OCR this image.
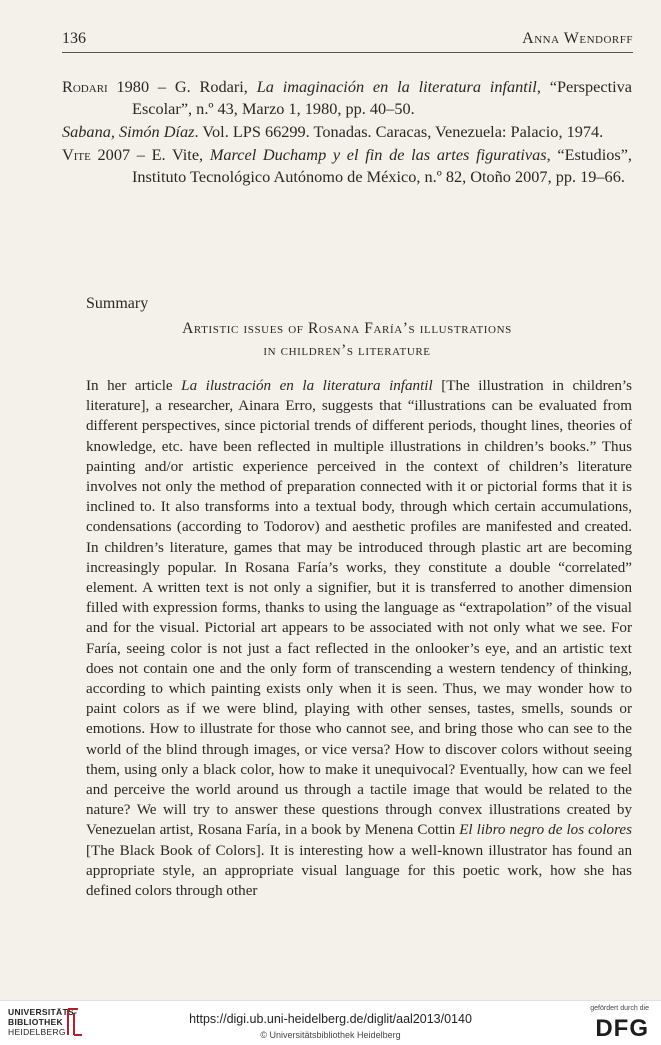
136	Anna Wendorff

Rodari 1980 – G. Rodari, La imaginación en la literatura infantil, “Perspectiva Escolar”, n.º 43, Marzo 1, 1980, pp. 40–50.

Sabana, Simón Díaz. Vol. LPS 66299. Tonadas. Caracas, Venezuela: Palacio, 1974.

Vite 2007 – E. Vite, Marcel Duchamp y el fin de las artes figurativas, “Estudios”, Instituto Tecnológico Autónomo de México, n.º 82, Otoño 2007, pp. 19–66.

Summary
Artistic issues of Rosana Faría’s illustrations
in children’s literature

In her article La ilustración en la literatura infantil [The illustration in children’s literature], a researcher, Ainara Erro, suggests that “illustrations can be evaluated from different perspectives, since pictorial trends of different periods, thought lines, theories of knowledge, etc. have been reflected in multiple illustrations in children’s books.” Thus painting and/or artistic experience perceived in the context of children’s literature involves not only the method of preparation connected with it or pictorial forms that it is inclined to. It also transforms into a textual body, through which certain accumulations, condensations (according to Todorov) and aesthetic profiles are manifested and created. In children’s literature, games that may be introduced through plastic art are becoming increasingly popular. In Rosana Faría’s works, they constitute a double “correlated” element. A written text is not only a signifier, but it is transferred to another dimension filled with expression forms, thanks to using the language as “extrapolation” of the visual and for the visual. Pictorial art appears to be associated with not only what we see. For Faría, seeing color is not just a fact reflected in the onlooker’s eye, and an artistic text does not contain one and the only form of transcending a western tendency of thinking, according to which painting exists only when it is seen. Thus, we may wonder how to paint colors as if we were blind, playing with other senses, tastes, smells, sounds or emotions. How to illustrate for those who cannot see, and bring those who can see to the world of the blind through images, or vice versa? How to discover colors without seeing them, using only a black color, how to make it unequivocal? Eventually, how can we feel and perceive the world around us through a tactile image that would be related to the nature? We will try to answer these questions through convex illustrations created by Venezuelan artist, Rosana Faría, in a book by Menena Cottin El libro negro de los colores [The Black Book of Colors]. It is interesting how a well-known illustrator has found an appropriate style, an appropriate visual language for this poetic work, how she has defined colors through other

UNIVERSITÄTS-
BIBLIOTHEK
HEIDELBERG
https://digi.ub.uni-heidelberg.de/diglit/aal2013/0140
© Universitätsbibliothek Heidelberg
gefördert durch die
DFG
